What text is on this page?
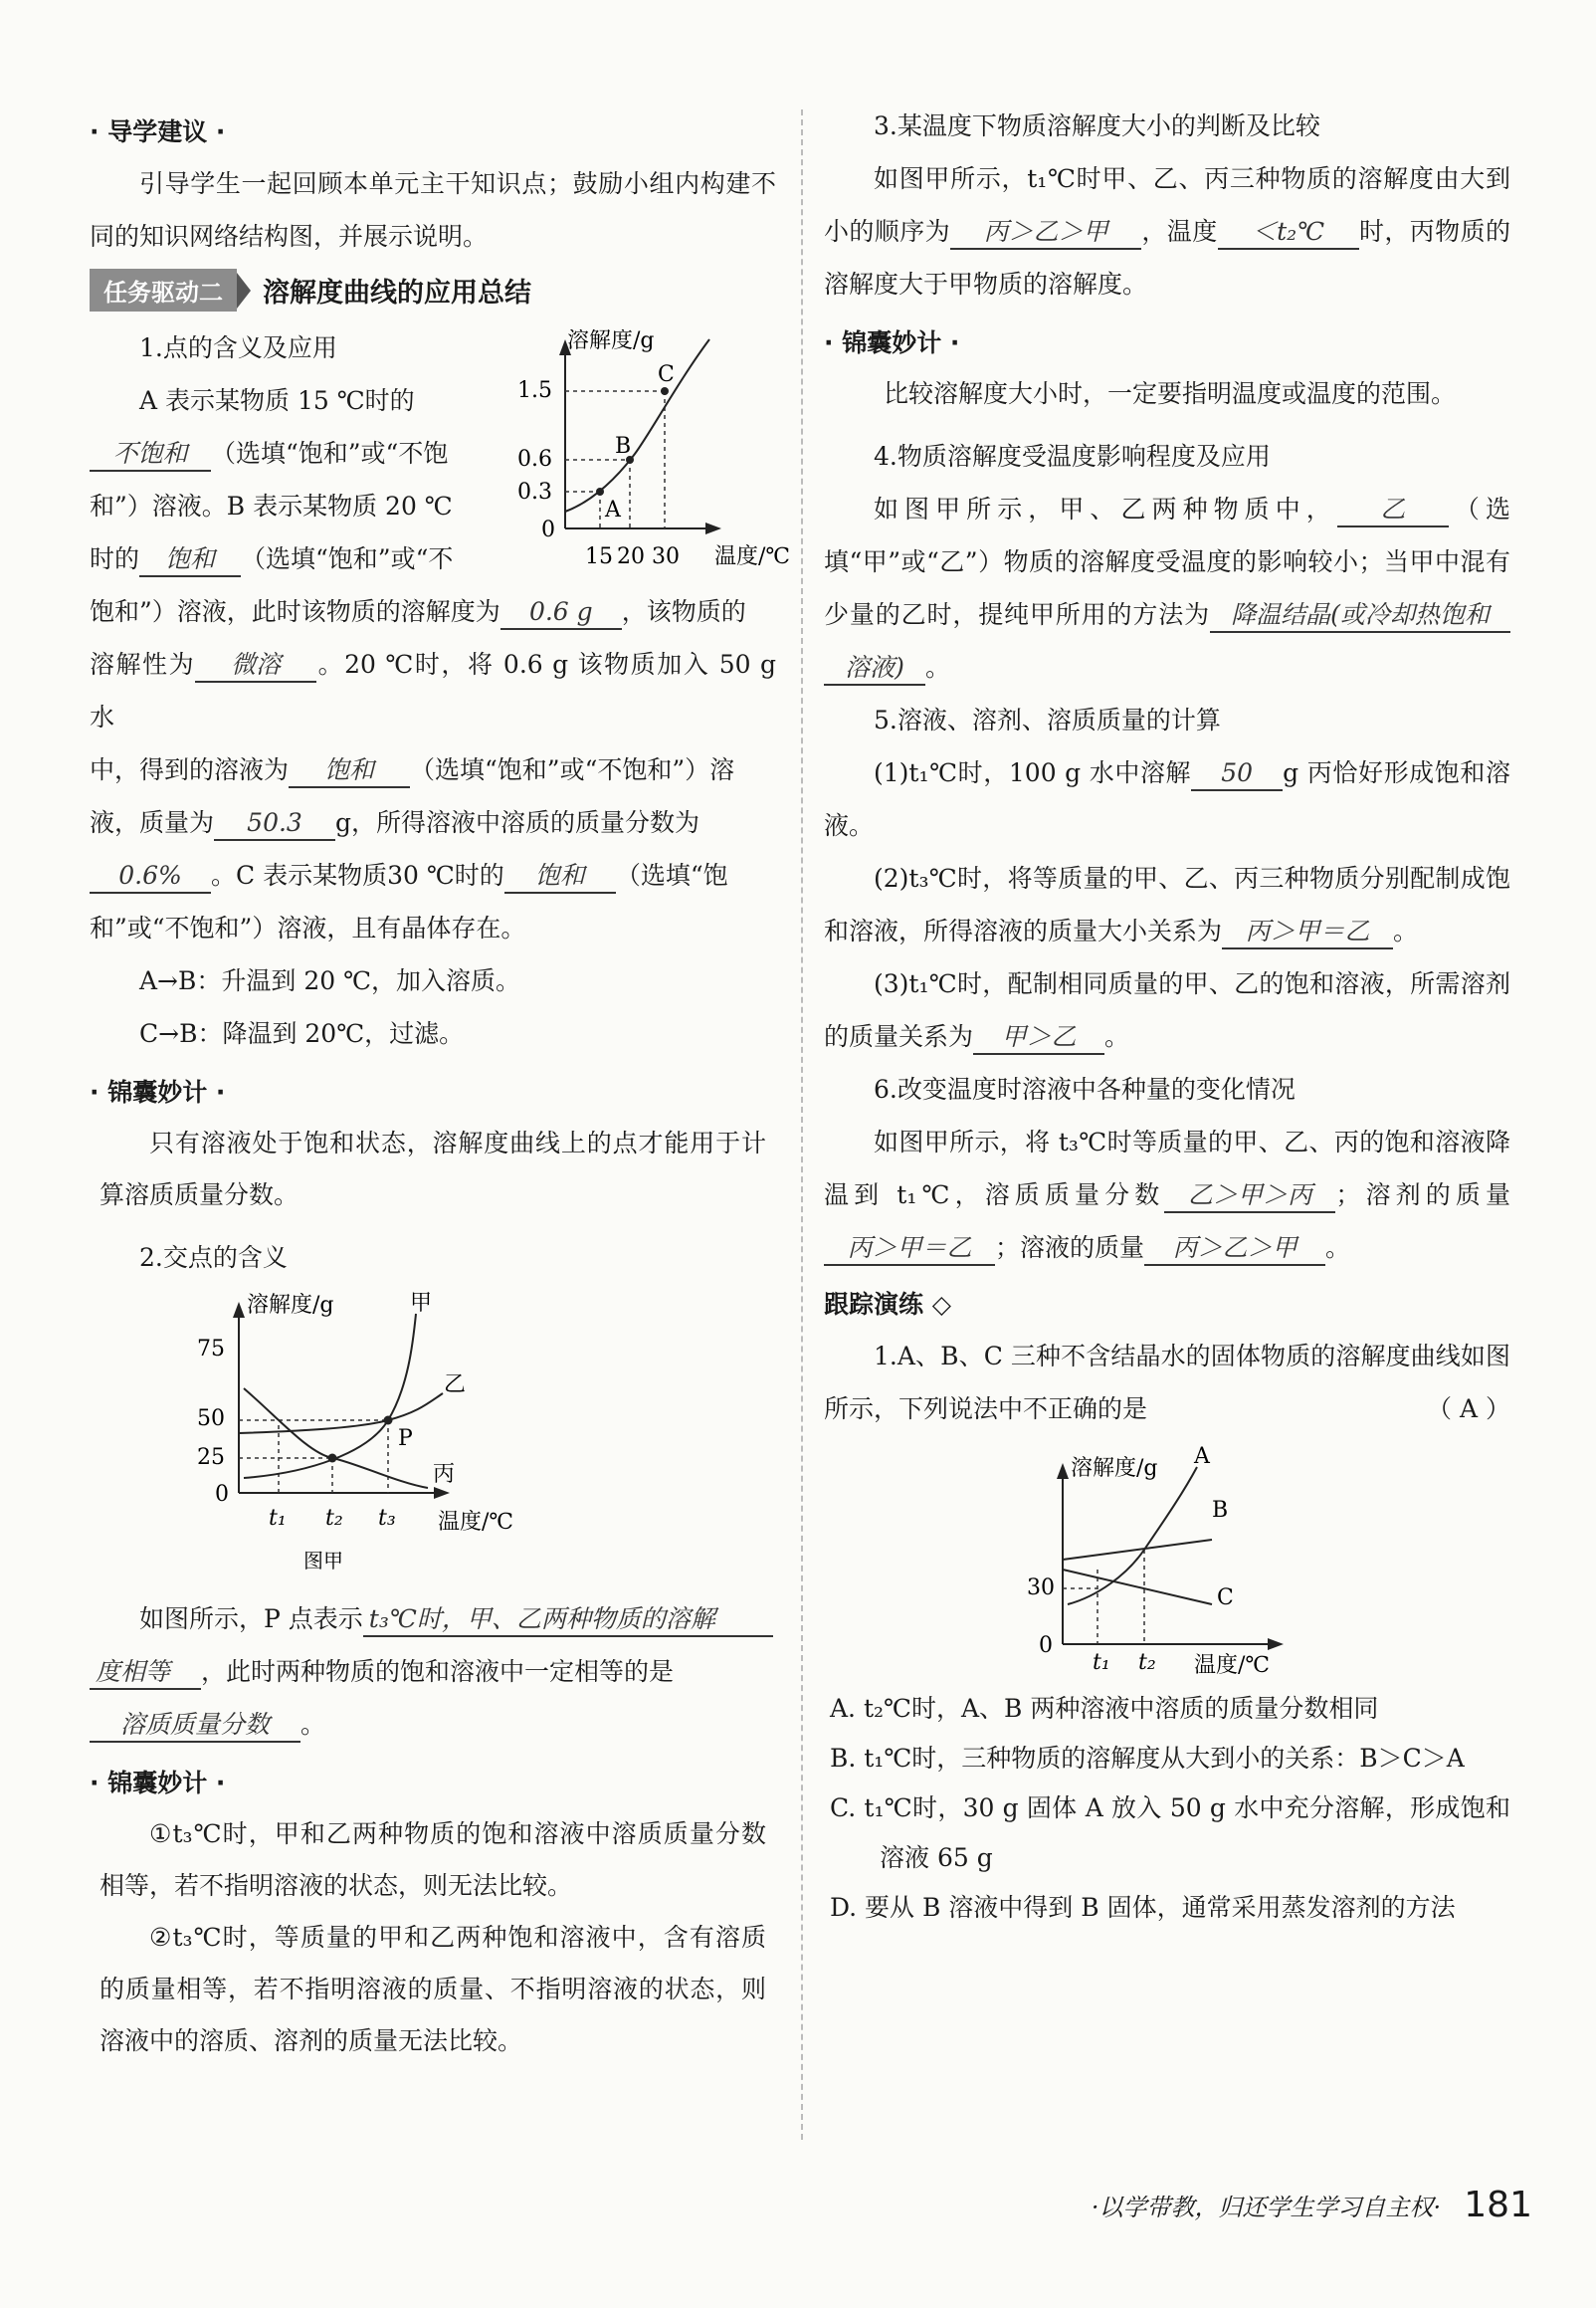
· 导学建议 ·

引导学生一起回顾本单元主干知识点；鼓励小组内构建不同的知识网络结构图，并展示说明。

任务驱动二	溶解度曲线的应用总结

1.点的含义及应用

A 表示某物质 15 ℃时的

不饱和 （选填“饱和”或“不饱

和”）溶液。B 表示某物质 20 ℃

时的 饱和 （选填“饱和”或“不

溶解度/g
温度/℃
1.5
0.6
0.3
0
15 20 30
A
B
C

饱和”）溶液，此时该物质的溶解度为 0.6 g ，该物质的

溶解性为 微溶 。20 ℃时，将 0.6 g 该物质加入 50 g 水

中，得到的溶液为 饱和 （选填“饱和”或“不饱和”）溶

液，质量为 50.3 g，所得溶液中溶质的质量分数为

0.6% 。C 表示某物质30 ℃时的 饱和 （选填“饱

和”或“不饱和”）溶液，且有晶体存在。

A→B：升温到 20 ℃，加入溶质。

C→B：降温到 20℃，过滤。

· 锦囊妙计 ·

只有溶液处于饱和状态，溶解度曲线上的点才能用于计算溶质质量分数。

2.交点的含义

溶解度/g
温度/℃
75
50
25
0
t₁ t₂ t₃
甲
乙
丙
P
图甲

如图所示，P 点表示 t₃℃时，甲、乙两种物质的溶解

度相等 ，此时两种物质的饱和溶液中一定相等的是

溶质质量分数 。

· 锦囊妙计 ·

①t₃℃时，甲和乙两种物质的饱和溶液中溶质质量分数相等，若不指明溶液的状态，则无法比较。

②t₃℃时，等质量的甲和乙两种饱和溶液中，含有溶质的质量相等，若不指明溶液的质量、不指明溶液的状态，则溶液中的溶质、溶剂的质量无法比较。

3.某温度下物质溶解度大小的判断及比较

如图甲所示，t₁℃时甲、乙、丙三种物质的溶解度由大到小的顺序为 丙＞乙＞甲 ，温度 ＜t₂℃ 时，丙物质的溶解度大于甲物质的溶解度。

· 锦囊妙计 ·

比较溶解度大小时，一定要指明温度或温度的范围。

4.物质溶解度受温度影响程度及应用

如图甲所示，甲、乙两种物质中， 乙 （选填“甲”或“乙”）物质的溶解度受温度的影响较小；当甲中混有少量的乙时，提纯甲所用的方法为 降温结晶(或冷却热饱和溶液) 。

5.溶液、溶剂、溶质质量的计算

(1)t₁℃时，100 g 水中溶解 50 g 丙恰好形成饱和溶液。

(2)t₃℃时，将等质量的甲、乙、丙三种物质分别配制成饱和溶液，所得溶液的质量大小关系为 丙＞甲＝乙 。

(3)t₁℃时，配制相同质量的甲、乙的饱和溶液，所需溶剂的质量关系为 甲＞乙 。

6.改变温度时溶液中各种量的变化情况

如图甲所示，将 t₃℃时等质量的甲、乙、丙的饱和溶液降温到 t₁℃，溶质质量分数 乙＞甲＞丙 ；溶剂的质量丙＞甲＝乙 ；溶液的质量 丙＞乙＞甲 。

跟踪演练 ◇

1.A、B、C 三种不含结晶水的固体物质的溶解度曲线如图所示，下列说法中不正确的是	（ A ）

溶解度/g
温度/℃
30
0
t₁ t₂
A
B
C

A. t₂℃时，A、B 两种溶液中溶质的质量分数相同

B. t₁℃时，三种物质的溶解度从大到小的关系：B＞C＞A

C. t₁℃时，30 g 固体 A 放入 50 g 水中充分溶解，形成饱和溶液 65 g

D. 要从 B 溶液中得到 B 固体，通常采用蒸发溶剂的方法

·以学带教，归还学生学习自主权· 181
